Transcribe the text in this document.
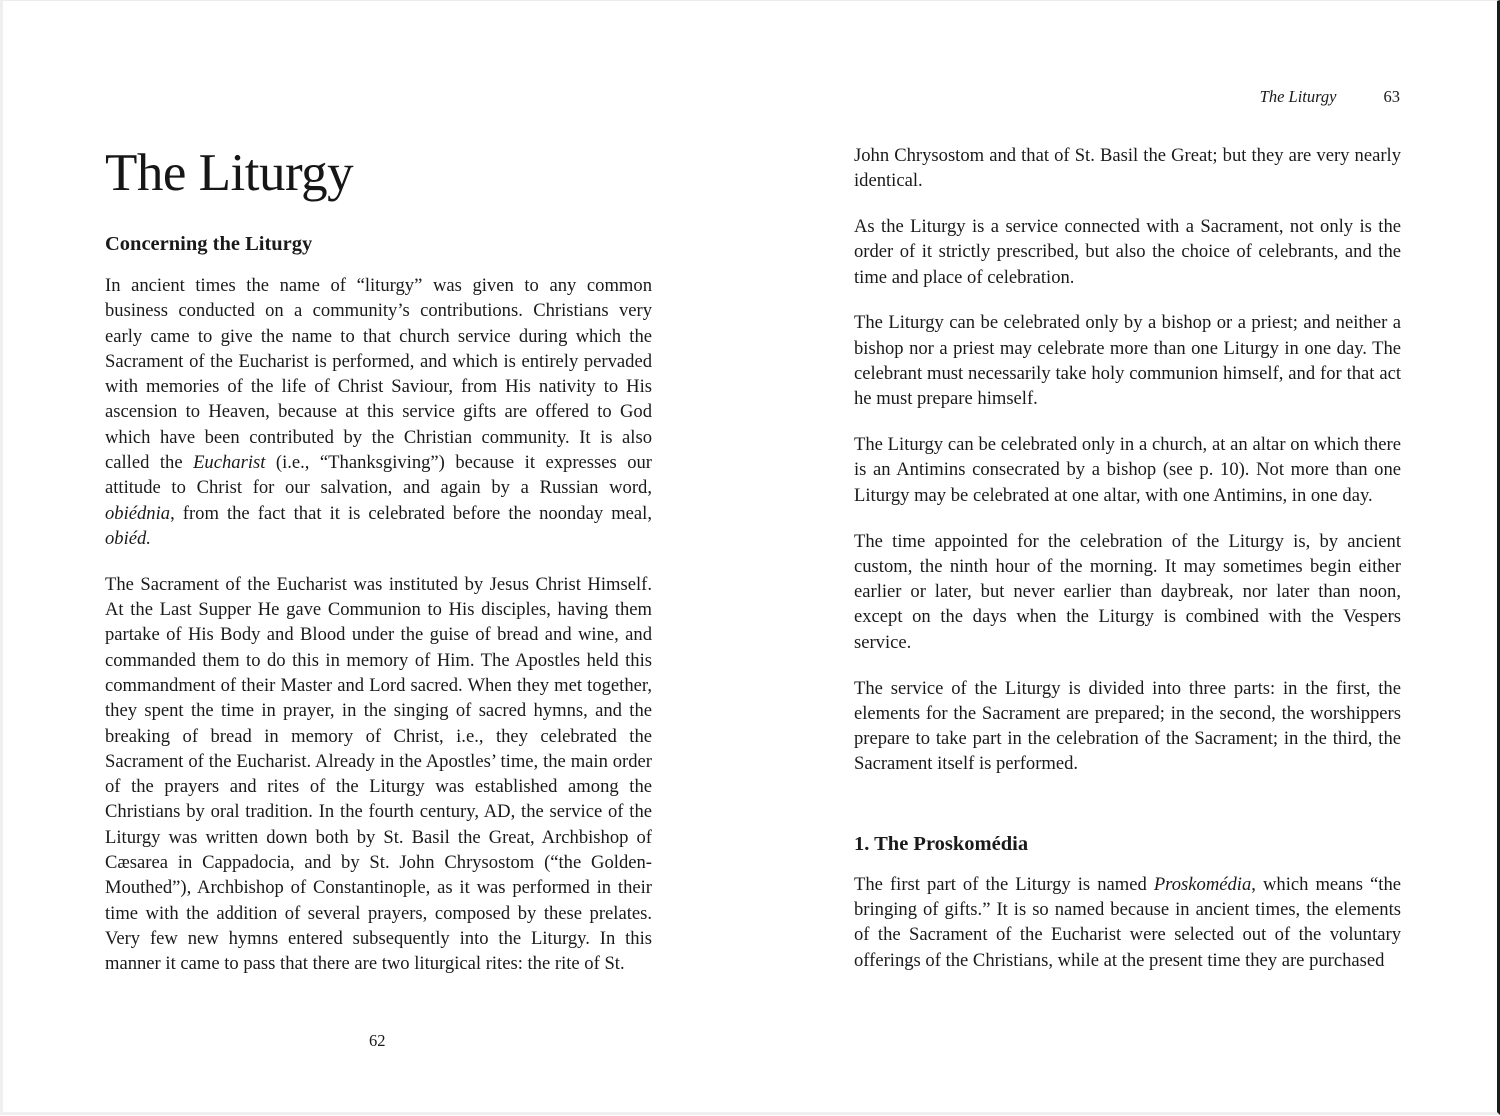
The Liturgy
Concerning the Liturgy

In ancient times the name of “liturgy” was given to any common business conducted on a community’s contributions. Christians very early came to give the name to that church service during which the Sacrament of the Eucharist is performed, and which is entirely pervaded with memories of the life of Christ Saviour, from His nativity to His ascension to Heaven, because at this service gifts are offered to God which have been contributed by the Christian community. It is also called the Eucharist (i.e., “Thanksgiving”) because it expresses our attitude to Christ for our salvation, and again by a Russian word, obiédnia, from the fact that it is celebrated before the noonday meal, obiéd.

The Sacrament of the Eucharist was instituted by Jesus Christ Himself. At the Last Supper He gave Communion to His disciples, having them partake of His Body and Blood under the guise of bread and wine, and commanded them to do this in memory of Him. The Apostles held this commandment of their Master and Lord sacred. When they met together, they spent the time in prayer, in the singing of sacred hymns, and the breaking of bread in memory of Christ, i.e., they celebrated the Sacrament of the Eucharist. Already in the Apostles’ time, the main order of the prayers and rites of the Liturgy was established among the Christians by oral tradition. In the fourth century, AD, the service of the Liturgy was written down both by St. Basil the Great, Archbishop of Cæsarea in Cappadocia, and by St. John Chrysostom (“the Golden-Mouthed”), Archbishop of Constantinople, as it was performed in their time with the addition of several prayers, composed by these prelates. Very few new hymns entered subsequently into the Liturgy. In this manner it came to pass that there are two liturgical rites: the rite of St.

62
The Liturgy	63

John Chrysostom and that of St. Basil the Great; but they are very nearly identical.

As the Liturgy is a service connected with a Sacrament, not only is the order of it strictly prescribed, but also the choice of celebrants, and the time and place of celebration.

The Liturgy can be celebrated only by a bishop or a priest; and neither a bishop nor a priest may celebrate more than one Liturgy in one day. The celebrant must necessarily take holy communion himself, and for that act he must prepare himself.

The Liturgy can be celebrated only in a church, at an altar on which there is an Antimins consecrated by a bishop (see p. 10). Not more than one Liturgy may be celebrated at one altar, with one Antimins, in one day.

The time appointed for the celebration of the Liturgy is, by ancient custom, the ninth hour of the morning. It may sometimes begin either earlier or later, but never earlier than daybreak, nor later than noon, except on the days when the Liturgy is combined with the Vespers service.

The service of the Liturgy is divided into three parts: in the first, the elements for the Sacrament are prepared; in the second, the worshippers prepare to take part in the celebration of the Sacrament; in the third, the Sacrament itself is performed.

1. The Proskomédia

The first part of the Liturgy is named Proskomédia, which means “the bringing of gifts.” It is so named because in ancient times, the elements of the Sacrament of the Eucharist were selected out of the voluntary offerings of the Christians, while at the present time they are purchased
